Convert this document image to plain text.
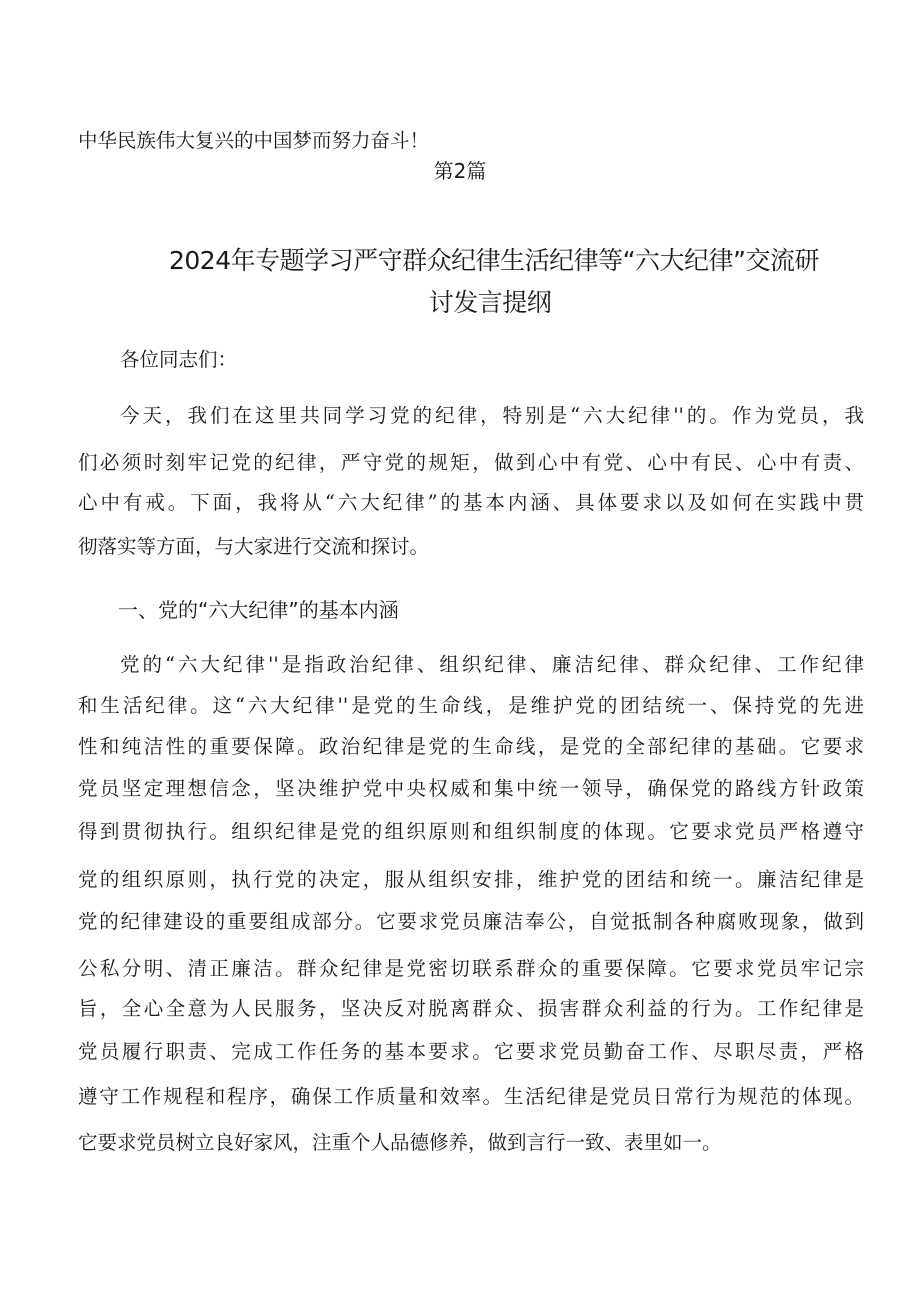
中华民族伟大复兴的中国梦而努力奋斗！
第2篇
2024年专题学习严守群众纪律生活纪律等“六大纪律”交流研
讨发言提纲
各位同志们：
今天，我们在这里共同学习党的纪律，特别是“六大纪律''的。作为党员，我
们必须时刻牢记党的纪律，严守党的规矩，做到心中有党、心中有民、心中有责、
心中有戒。下面，我将从“六大纪律”的基本内涵、具体要求以及如何在实践中贯
彻落实等方面，与大家进行交流和探讨。
一、党的“六大纪律”的基本内涵
党的“六大纪律''是指政治纪律、组织纪律、廉洁纪律、群众纪律、工作纪律
和生活纪律。这“六大纪律''是党的生命线，是维护党的团结统一、保持党的先进
性和纯洁性的重要保障。政治纪律是党的生命线，是党的全部纪律的基础。它要求
党员坚定理想信念，坚决维护党中央权威和集中统一领导，确保党的路线方针政策
得到贯彻执行。组织纪律是党的组织原则和组织制度的体现。它要求党员严格遵守
党的组织原则，执行党的决定，服从组织安排，维护党的团结和统一。廉洁纪律是
党的纪律建设的重要组成部分。它要求党员廉洁奉公，自觉抵制各种腐败现象，做到
公私分明、清正廉洁。群众纪律是党密切联系群众的重要保障。它要求党员牢记宗
旨，全心全意为人民服务，坚决反对脱离群众、损害群众利益的行为。工作纪律是
党员履行职责、完成工作任务的基本要求。它要求党员勤奋工作、尽职尽责，严格
遵守工作规程和程序，确保工作质量和效率。生活纪律是党员日常行为规范的体现。
它要求党员树立良好家风，注重个人品德修养，做到言行一致、表里如一。
